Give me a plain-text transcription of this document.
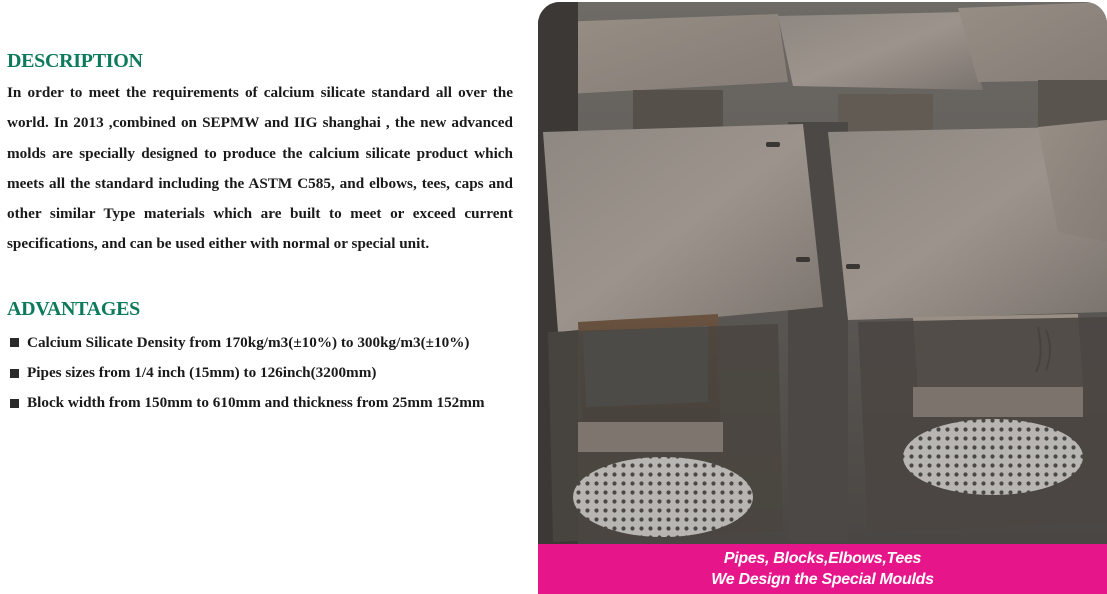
DESCRIPTION

In order to meet the requirements of calcium silicate standard all over the world. In 2013 ,combined on SEPMW and IIG shanghai , the new advanced molds are specially designed to produce the calcium silicate product which meets all the standard including the ASTM C585, and elbows, tees, caps and other similar Type materials which are built to meet or exceed current specifications, and can be used either with normal or special unit.

ADVANTAGES
Calcium Silicate Density from 170kg/m3(±10%) to 300kg/m3(±10%)
Pipes sizes from 1/4 inch (15mm) to 126inch(3200mm)
Block width from 150mm to 610mm and thickness from 25mm 152mm
Pipes, Blocks,Elbows,Tees
We Design the Special Moulds
